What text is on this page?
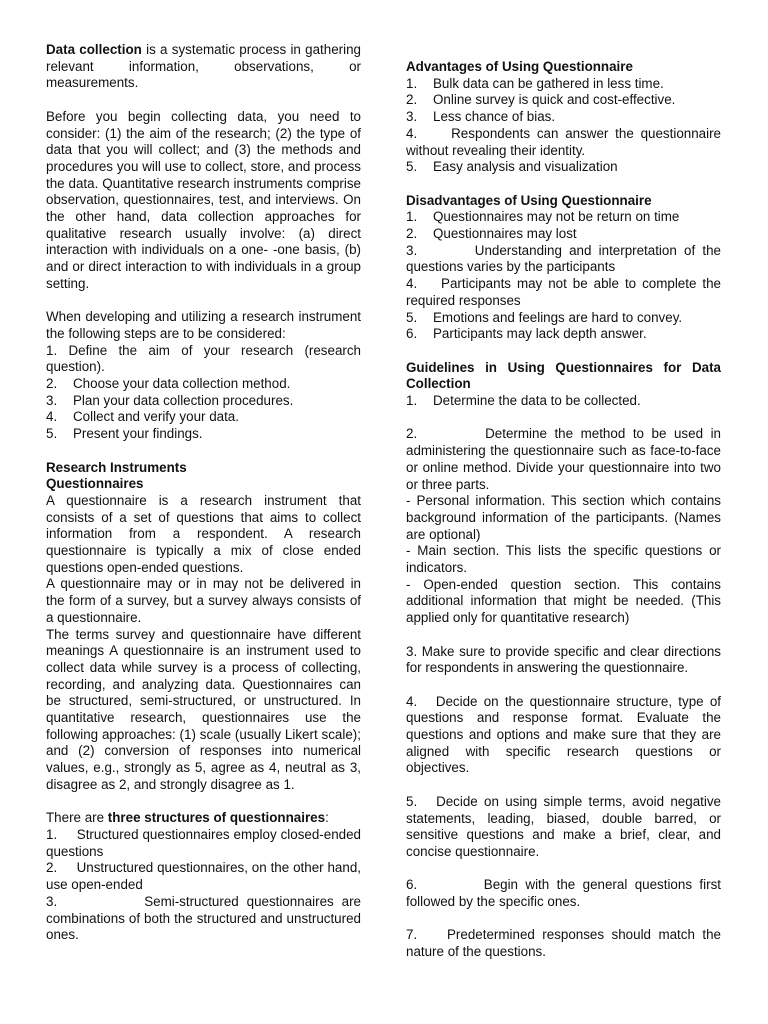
Data collection is a systematic process in gathering relevant information, observations, or measurements.

Before you begin collecting data, you need to consider: (1) the aim of the research; (2) the type of data that you will collect; and (3) the methods and procedures you will use to collect, store, and process the data. Quantitative research instruments comprise observation, questionnaires, test, and interviews. On the other hand, data collection approaches for qualitative research usually involve: (a) direct interaction with individuals on a one- -one basis, (b) and or direct interaction to with individuals in a group setting.

When developing and utilizing a research instrument the following steps are to be considered:

1. Define the aim of your research (research question).

2. Choose your data collection method.

3. Plan your data collection procedures.

4. Collect and verify your data.

5. Present your findings.

Research Instruments

Questionnaires

A questionnaire is a research instrument that consists of a set of questions that aims to collect information from a respondent. A research questionnaire is typically a mix of close ended questions open-ended questions.

A questionnaire may or in may not be delivered in the form of a survey, but a survey always consists of a questionnaire.

The terms survey and questionnaire have different meanings A questionnaire is an instrument used to collect data while survey is a process of collecting, recording, and analyzing data. Questionnaires can be structured, semi-structured, or unstructured. In quantitative research, questionnaires use the following approaches: (1) scale (usually Likert scale); and (2) conversion of responses into numerical values, e.g., strongly as 5, agree as 4, neutral as 3, disagree as 2, and strongly disagree as 1.

There are three structures of questionnaires:

1.     Structured questionnaires employ closed-ended questions

2.     Unstructured questionnaires, on the other hand, use open-ended

3.           Semi-structured questionnaires are combinations of both the structured and unstructured ones.

Advantages of Using Questionnaire

1. Bulk data can be gathered in less time.

2. Online survey is quick and cost-effective.

3. Less chance of bias.

4.     Respondents can answer the questionnaire without revealing their identity.

5. Easy analysis and visualization

Disadvantages of Using Questionnaire

1. Questionnaires may not be return on time

2. Questionnaires may lost

3.        Understanding and interpretation of the questions varies by the participants

4.    Participants may not be able to complete the required responses

5. Emotions and feelings are hard to convey.

6. Participants may lack depth answer.

Guidelines in Using Questionnaires for Data Collection

1. Determine the data to be collected.

2.         Determine the method to be used in administering the questionnaire such as face-to-face or online method. Divide your questionnaire into two or three parts.

- Personal information. This section which contains background information of the participants. (Names are optional)

- Main section. This lists the specific questions or indicators.

- Open-ended question section. This contains additional information that might be needed. (This applied only for quantitative research)

3. Make sure to provide specific and clear directions for respondents in answering the questionnaire.

4.   Decide on the questionnaire structure, type of questions and response format. Evaluate the questions and options and make sure that they are aligned with specific research questions or objectives.

5.   Decide on using simple terms, avoid negative statements, leading, biased, double barred, or sensitive questions and make a brief, clear, and concise questionnaire.

6.         Begin with the general questions first followed by the specific ones.

7.    Predetermined responses should match the nature of the questions.
